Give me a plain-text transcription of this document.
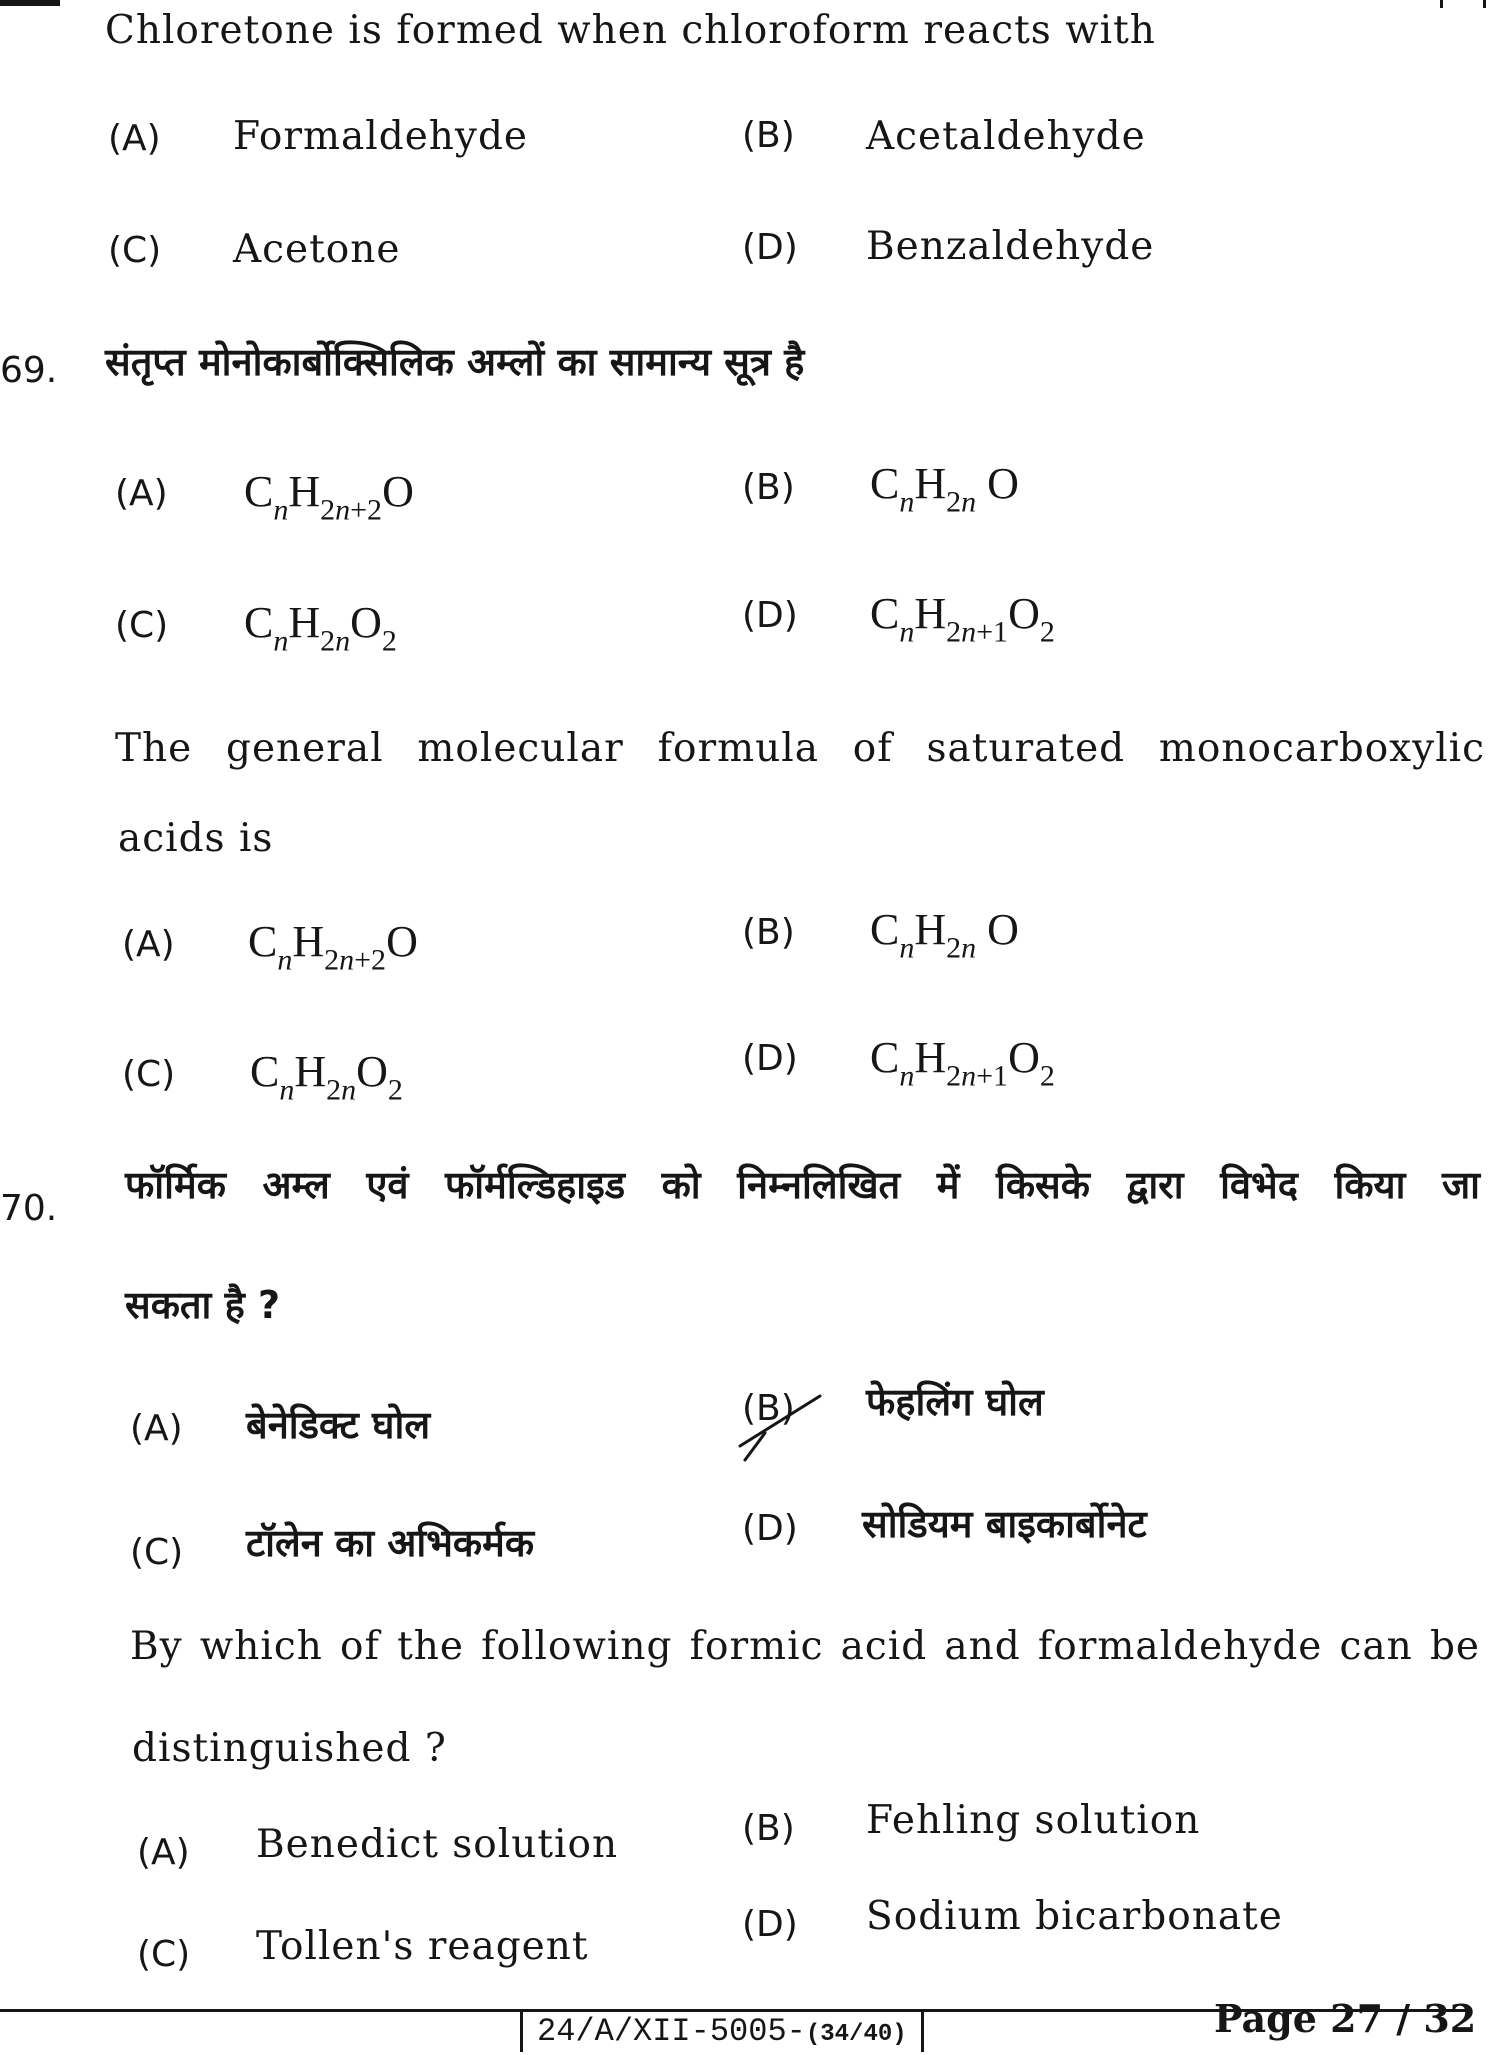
Chloretone is formed when chloroform reacts with
(A) Formaldehyde	(B) Acetaldehyde
(C) Acetone	(D) Benzaldehyde
69. संतृप्त मोनोकार्बोक्सिलिक अम्लों का सामान्य सूत्र है
(A) $C_nH_{2n+2}O$	(B) $C_nH_{2n}$ O
(C) $C_nH_{2n}O_2$
(D) $C_nH_{2n+1}O_2$
The general molecular formula of saturated monocarboxylic
acids is
(A) $C_nH_{2n+2}O$	(B) $C_nH_{2n}$ O
(C) $C_nH_{2n}O_2$
(D) $C_nH_{2n+1}O_2$
70.
फॉर्मिक अम्ल एवं फॉर्मल्डिहाइड को निम्नलिखित में किसके द्वारा विभेद किया जा
सकता है ?
(A) बेनेडिक्ट घोल	(B) फेहलिंग घोल
(C) टॉलेन का अभिकर्मक	(D) सोडियम बाइकार्बोनेट
By which of the following formic acid and formaldehyde can be
distinguished ?
(A) Benedict solution	(B) Fehling solution
(C) Tollen's reagent	(D) Sodium bicarbonate
24/A/XII-5005-(34/40)	Page 27 / 32
